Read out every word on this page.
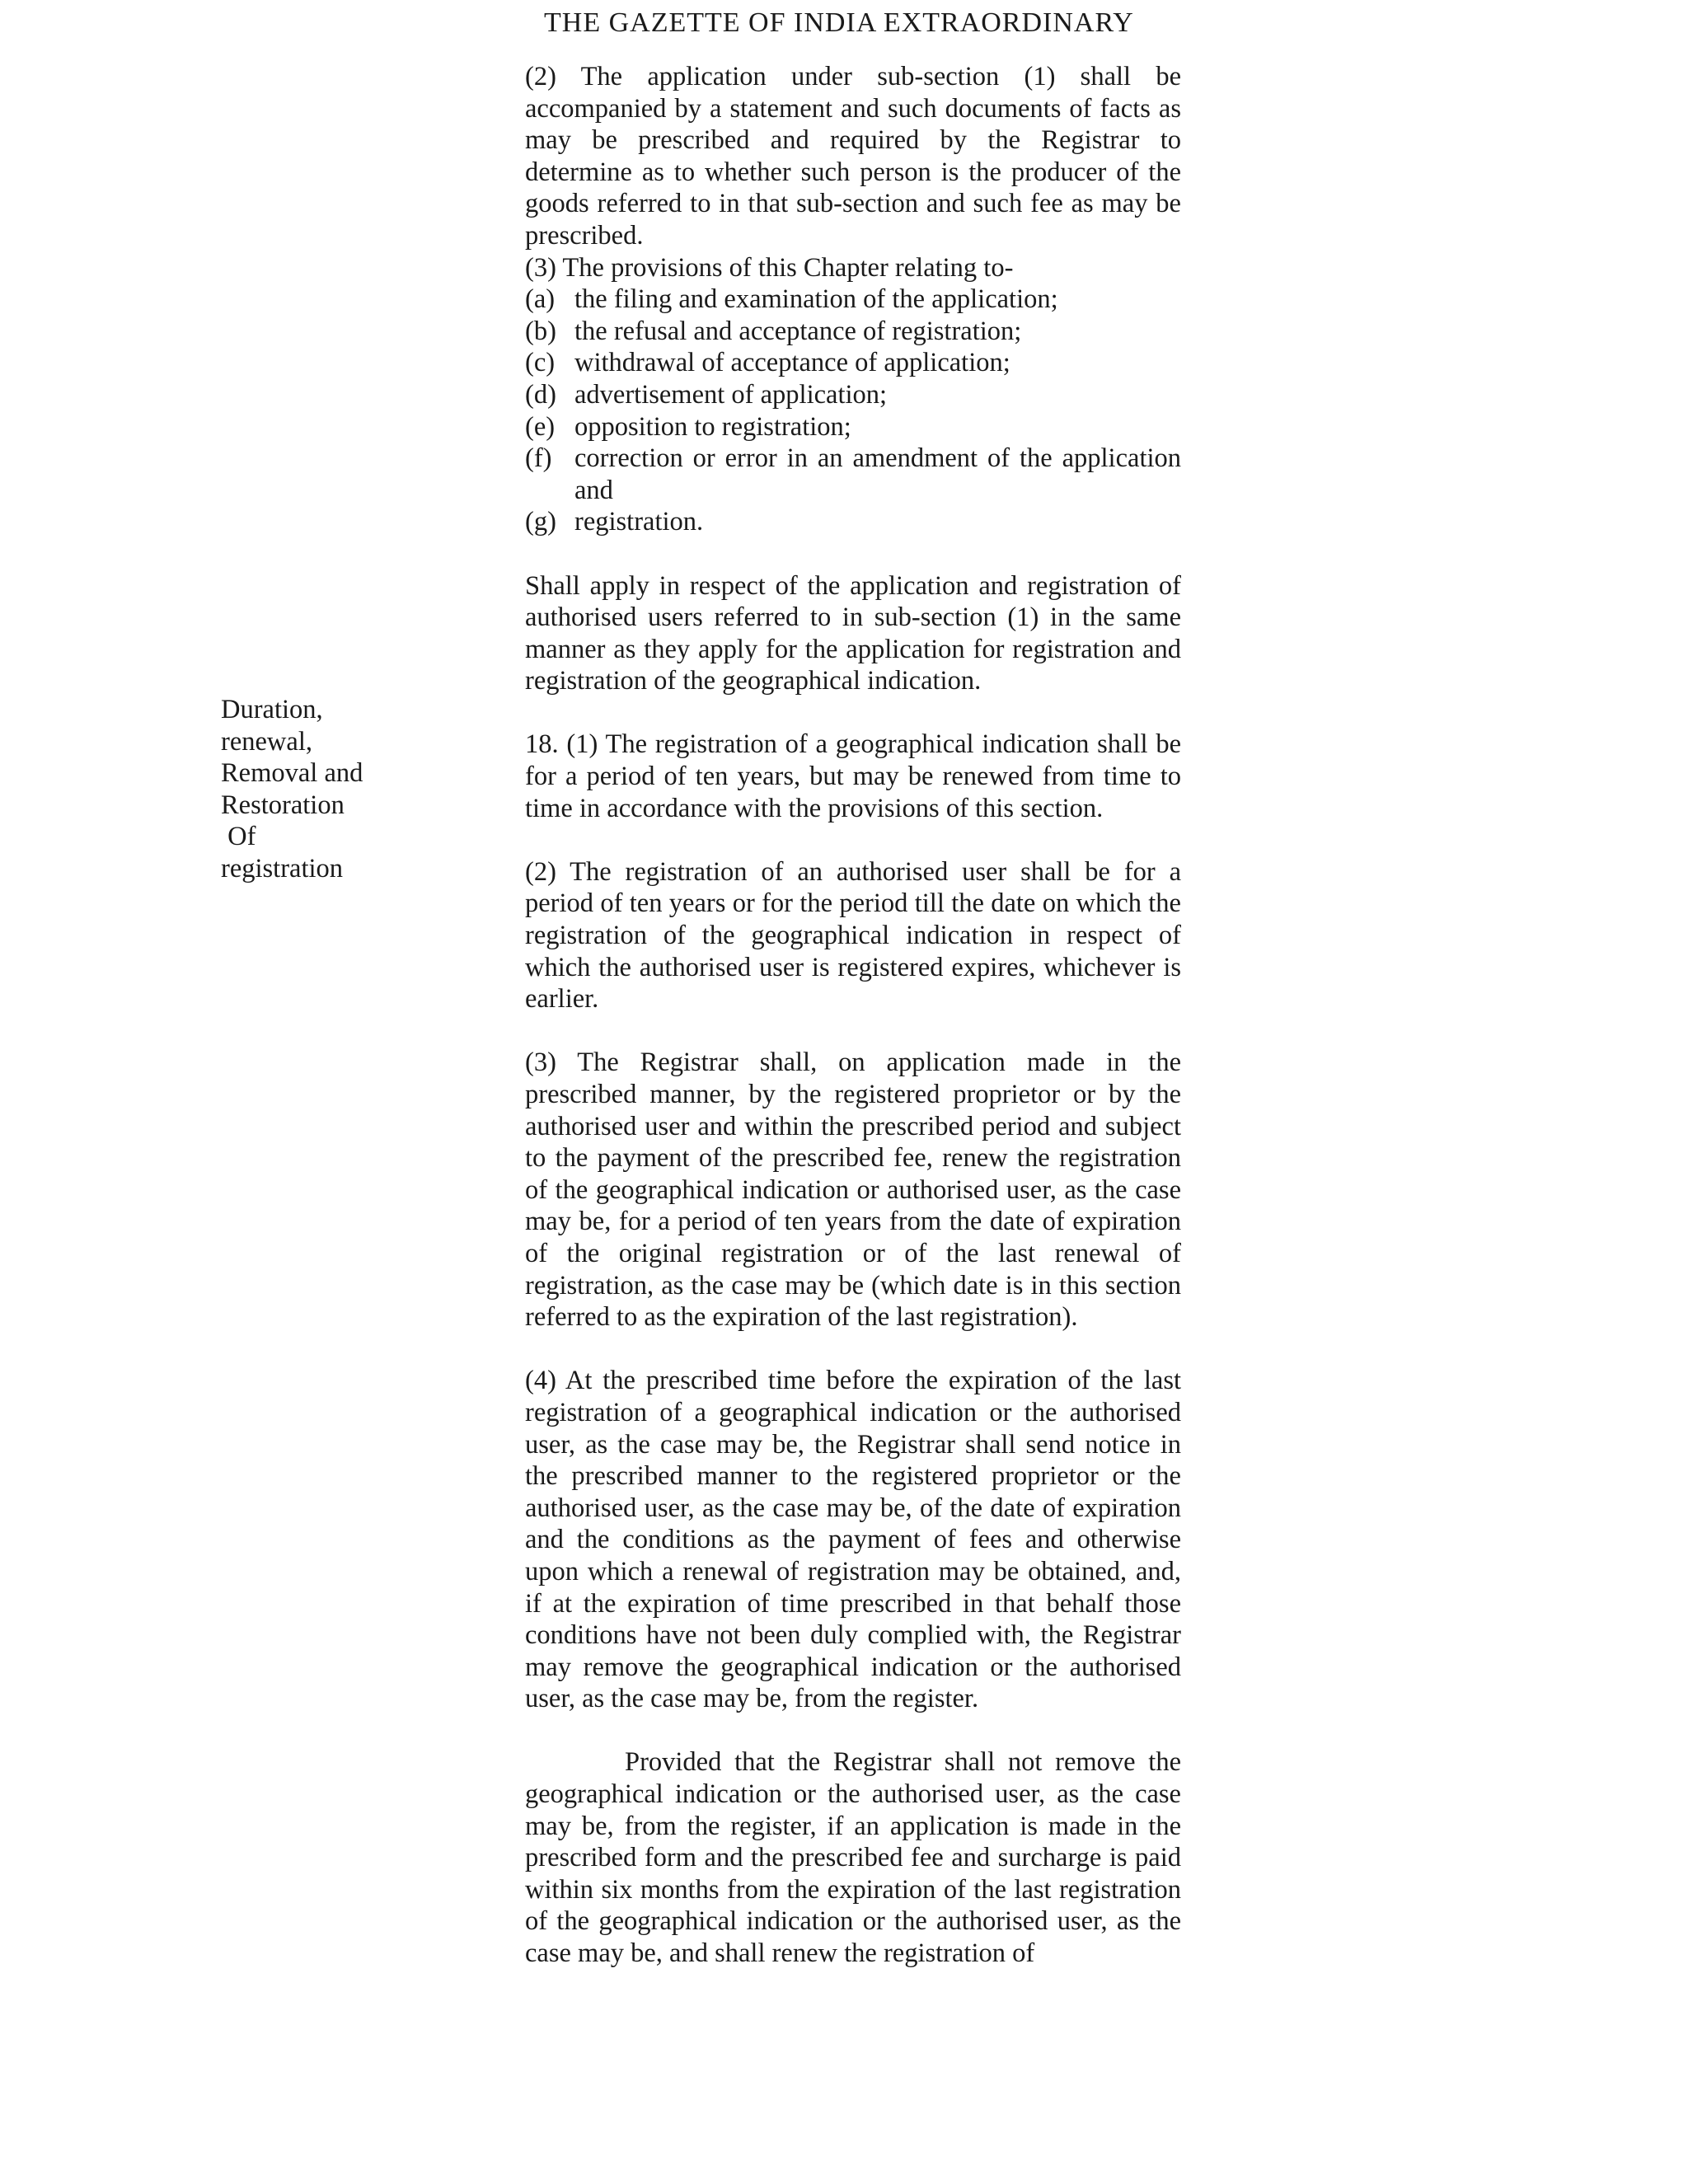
THE GAZETTE OF INDIA EXTRAORDINARY
Duration,
renewal,
Removal and
Restoration
Of
registration

(2) The application under sub-section (1) shall be accompanied by a statement and such documents of facts as may be prescribed and required by the Registrar to determine as to whether such person is the producer of the goods referred to in that sub-section and such fee as may be prescribed.

(3) The provisions of this Chapter relating to-

(a) the filing and examination of the application;
(b) the refusal and acceptance of registration;
(c) withdrawal of acceptance of application;
(d) advertisement of application;
(e) opposition to registration;
(f) correction or error in an amendment of the application and
(g) registration.

Shall apply in respect of the application and registration of authorised users referred to in sub-section (1) in the same manner as they apply for the application for registration and registration of the geographical indication.

18. (1) The registration of a geographical indication shall be for a period of ten years, but may be renewed from time to time in accordance with the provisions of this section.

(2) The registration of an authorised user shall be for a period of ten years or for the period till the date on which the registration of the geographical indication in respect of which the authorised user is registered expires, whichever is earlier.

(3) The Registrar shall, on application made in the prescribed manner, by the registered proprietor or by the authorised user and within the prescribed period and subject to the payment of the prescribed fee, renew the registration of the geographical indication or authorised user, as the case may be, for a period of ten years from the date of expiration of the original registration or of the last renewal of registration, as the case may be (which date is in this section referred to as the expiration of the last registration).

(4) At the prescribed time before the expiration of the last registration of a geographical indication or the authorised user, as the case may be, the Registrar shall send notice in the prescribed manner to the registered proprietor or the authorised user, as the case may be, of the date of expiration and the conditions as the payment of fees and otherwise upon which a renewal of registration may be obtained, and, if at the expiration of time prescribed in that behalf those conditions have not been duly complied with, the Registrar may remove the geographical indication or the authorised user, as the case may be, from the register.

Provided that the Registrar shall not remove the geographical indication or the authorised user, as the case may be, from the register, if an application is made in the prescribed form and the prescribed fee and surcharge is paid within six months from the expiration of the last registration of the geographical indication or the authorised user, as the case may be, and shall renew the registration of
